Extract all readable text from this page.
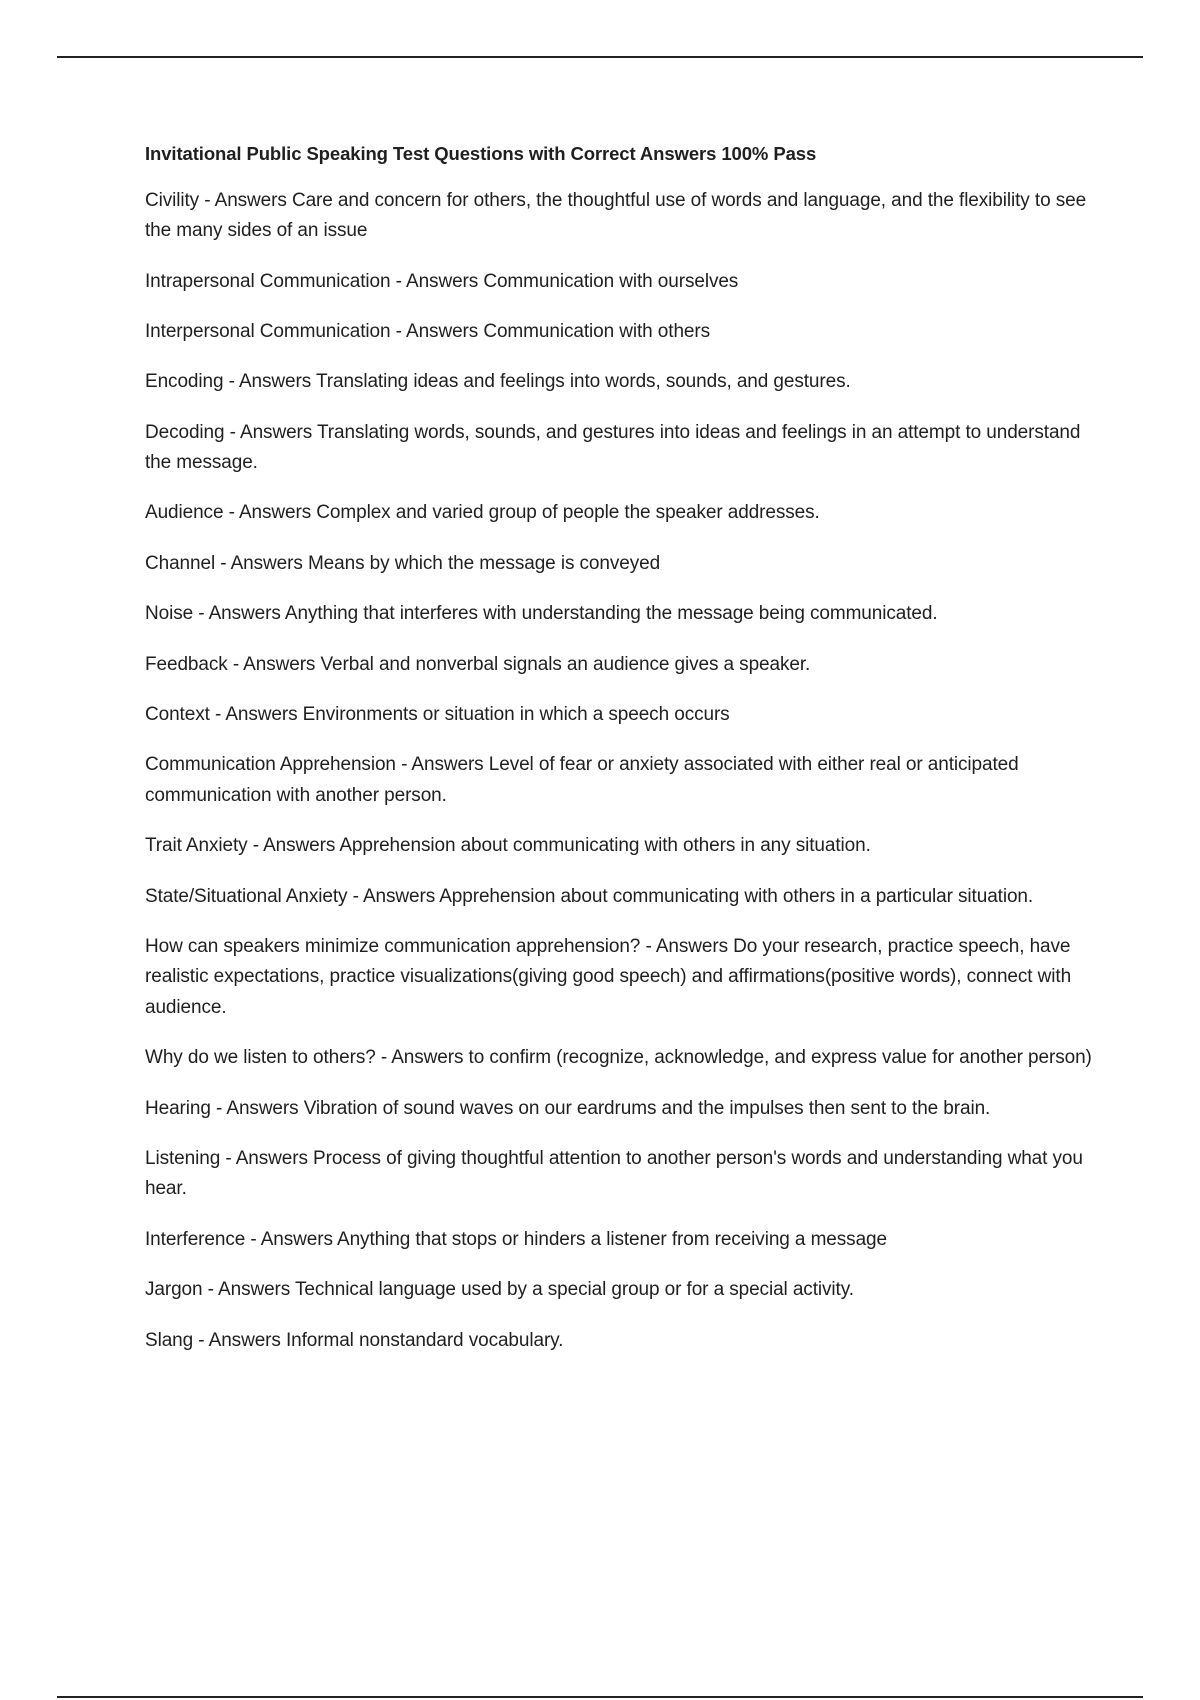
Invitational Public Speaking Test Questions with Correct Answers 100% Pass

Civility - Answers Care and concern for others, the thoughtful use of words and language, and the flexibility to see the many sides of an issue

Intrapersonal Communication - Answers Communication with ourselves

Interpersonal Communication - Answers Communication with others

Encoding - Answers Translating ideas and feelings into words, sounds, and gestures.

Decoding - Answers Translating words, sounds, and gestures into ideas and feelings in an attempt to understand the message.

Audience - Answers Complex and varied group of people the speaker addresses.

Channel - Answers Means by which the message is conveyed

Noise - Answers Anything that interferes with understanding the message being communicated.

Feedback - Answers Verbal and nonverbal signals an audience gives a speaker.

Context - Answers Environments or situation in which a speech occurs

Communication Apprehension - Answers Level of fear or anxiety associated with either real or anticipated communication with another person.

Trait Anxiety - Answers Apprehension about communicating with others in any situation.

State/Situational Anxiety - Answers Apprehension about communicating with others in a particular situation.

How can speakers minimize communication apprehension? - Answers Do your research, practice speech, have realistic expectations, practice visualizations(giving good speech) and affirmations(positive words), connect with audience.

Why do we listen to others? - Answers to confirm (recognize, acknowledge, and express value for another person)

Hearing - Answers Vibration of sound waves on our eardrums and the impulses then sent to the brain.

Listening - Answers Process of giving thoughtful attention to another person's words and understanding what you hear.

Interference - Answers Anything that stops or hinders a listener from receiving a message

Jargon - Answers Technical language used by a special group or for a special activity.

Slang - Answers Informal nonstandard vocabulary.
